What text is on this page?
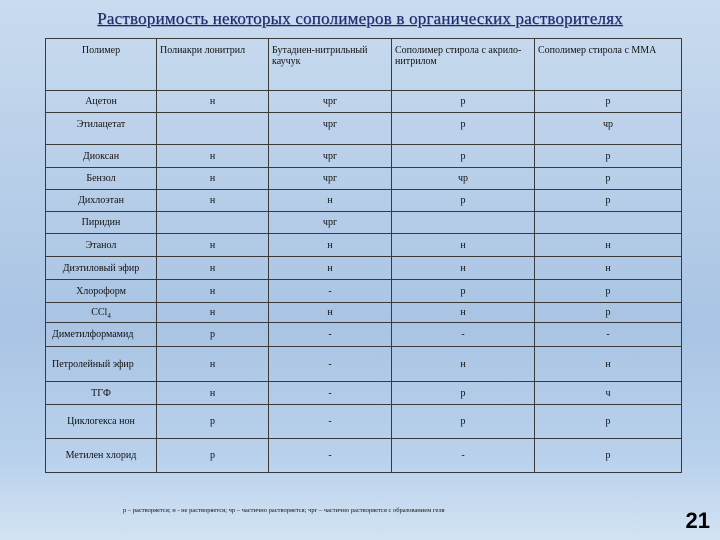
Растворимость некоторых сополимеров в органических растворителях
Полимер	Полиакри лонитрил	Бутадиен-нитрильный каучук	Сополимер стирола с акрило-нитрилом	Сополимер стирола с ММА
Ацетон	н	чрг	р	р
Этилацетат		чрг	р	чр
Диоксан	н	чрг	р	р
Бензол	н	чрг	чр	р
Дихлоэтан	н	н	р	р
Пиридин		чрг		
Этанол	н	н	н	н
Диэтиловый эфир	н	н	н	н
Хлороформ	н	-	р	р
CCl$_4$	н	н	н	р
Диметилформамид	р	-	-	-
Петролейный эфир	н	-	н	н
ТГФ	н	-	р	ч
Циклогекса нон	р	-	р	р
Метилен хлорид	р	-	-	р
р – растворяется; н - не растворяется; чр – частично растворяется; чрг – частично растворяется с образованием геля	21
